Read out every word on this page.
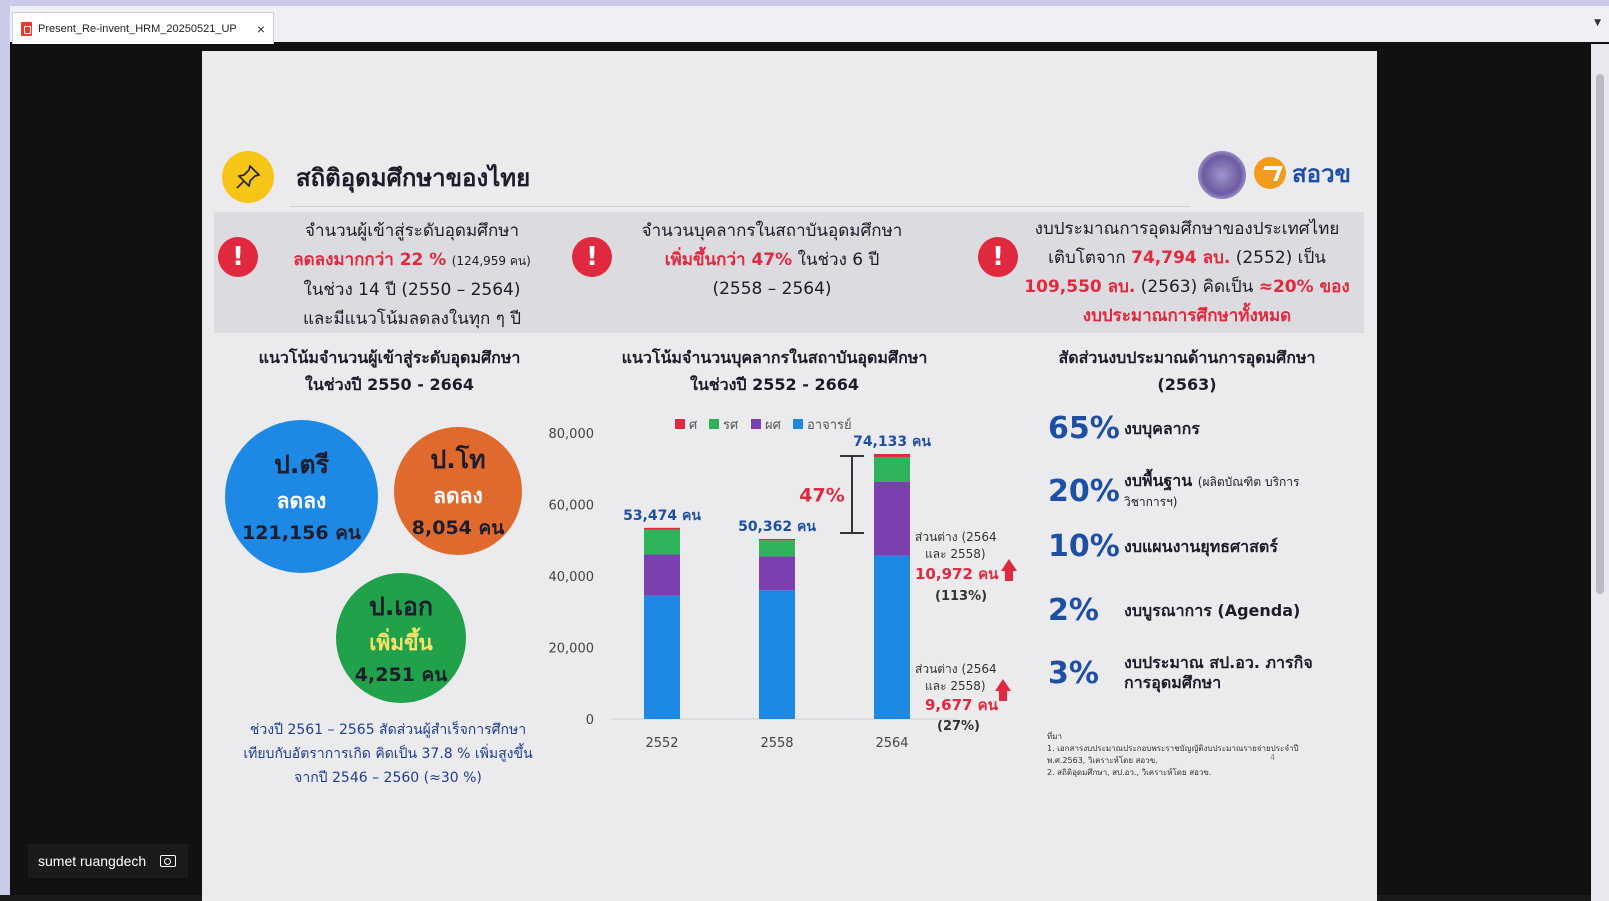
Present_Re-invent_HRM_20250521_UP	×	▼
สถิติอุดมศึกษาของไทย	สอวข
!
จำนวนผู้เข้าสู่ระดับอุดมศึกษา
ลดลงมากกว่า 22 % (124,959 คน)
ในช่วง 14 ปี (2550 – 2564)
และมีแนวโน้มลดลงในทุก ๆ ปี
!
จำนวนบุคลากรในสถาบันอุดมศึกษา
เพิ่มขึ้นกว่า 47% ในช่วง 6 ปี
(2558 – 2564)
!
งบประมาณการอุดมศึกษาของประเทศไทย
เติบโตจาก 74,794 ลบ. (2552) เป็น
109,550 ลบ. (2563) คิดเป็น ≈20% ของ
งบประมาณการศึกษาทั้งหมด
แนวโน้มจำนวนผู้เข้าสู่ระดับอุดมศึกษา
ในช่วงปี 2550 - 2664
ป.ตรี
ลดลง
121,156 คน
ป.โท
ลดลง
8,054 คน
ป.เอก
เพิ่มขึ้น
4,251 คน
ช่วงปี 2561 – 2565 สัดส่วนผู้สำเร็จการศึกษา
เทียบกับอัตราการเกิด คิดเป็น 37.8 % เพิ่มสูงขึ้น
จากปี 2546 – 2560 (≈30 %)
แนวโน้มจำนวนบุคลากรในสถาบันอุดมศึกษา
ในช่วงปี 2552 - 2664
0
20,000
40,000
60,000
80,000
ศ รศ ผศ อาจารย์
2552
53,474 คน
2558
50,362 คน
2564
74,133 คน
47%
ส่วนต่าง (2564
และ 2558)
10,972 คน
(113%)
ส่วนต่าง (2564
และ 2558)
9,677 คน
(27%)
สัดส่วนงบประมาณด้านการอุดมศึกษา
(2563)
65% งบบุคลากร
20% งบพื้นฐาน (ผลิตบัณฑิต บริการ
วิชาการฯ)
10% งบแผนงานยุทธศาสตร์
2%	งบบูรณาการ (Agenda)
3%	งบประมาณ สป.อว. ภารกิจ
การอุดมศึกษา
ที่มา
1. เอกสารงบประมาณประกอบพระราชบัญญัติงบประมาณรายจ่ายประจำปี
พ.ศ.2563, วิเคราะห์โดย สอวข.
2. สถิติอุดมศึกษา, สป.อว., วิเคราะห์โดย สอวข.
4
sumet ruangdech
